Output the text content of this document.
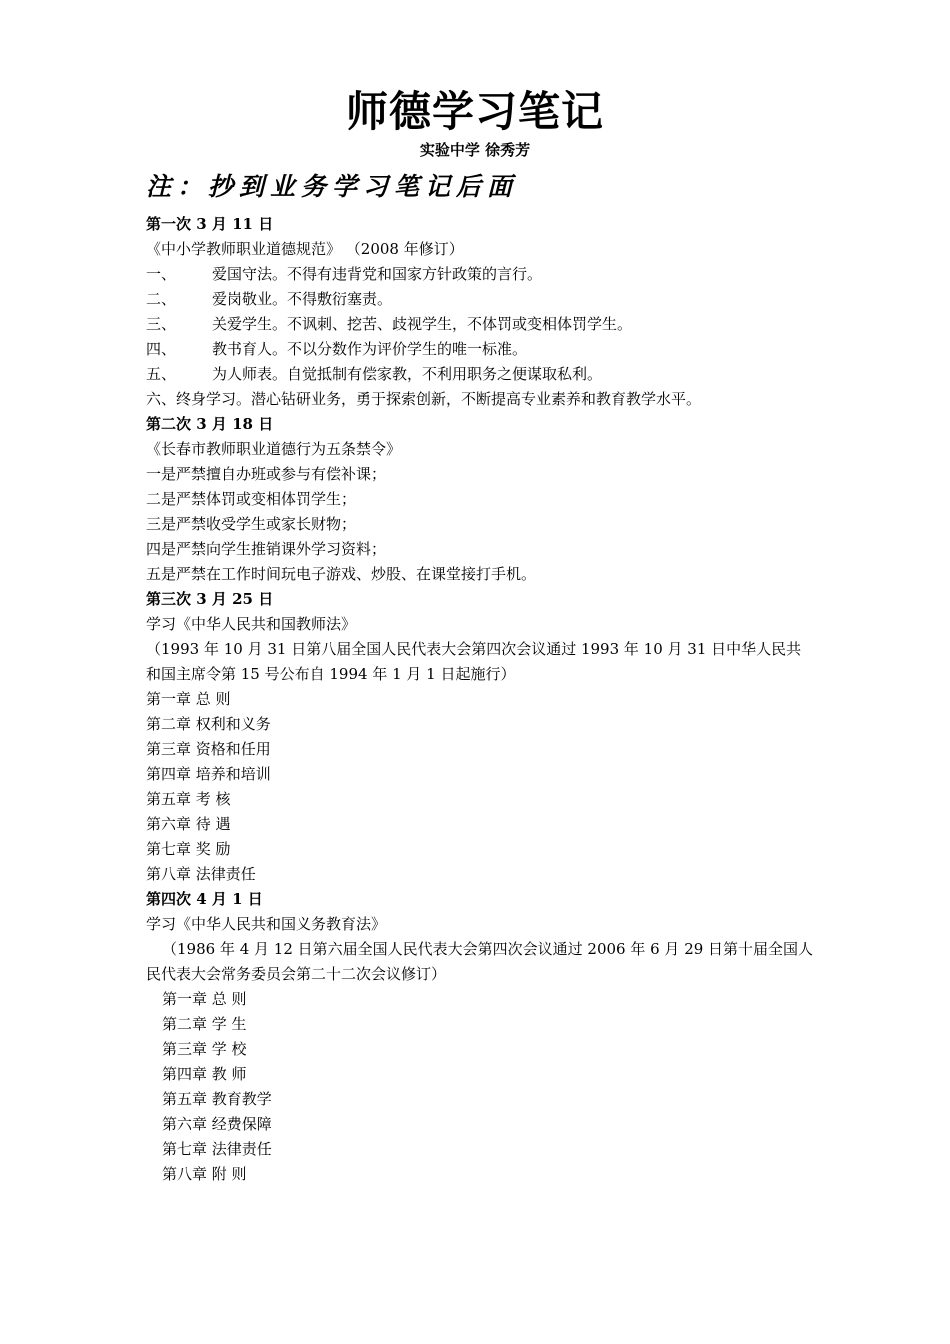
师德学习笔记
实验中学 徐秀芳
注：抄到业务学习笔记后面
第一次 3 月 11 日
《中小学教师职业道德规范》 （2008 年修订）
一、 爱国守法。不得有违背党和国家方针政策的言行。
二、 爱岗敬业。不得敷衍塞责。
三、 关爱学生。不讽刺、挖苦、歧视学生，不体罚或变相体罚学生。
四、 教书育人。不以分数作为评价学生的唯一标准。
五、 为人师表。自觉抵制有偿家教，不利用职务之便谋取私利。
六、终身学习。潜心钻研业务，勇于探索创新，不断提高专业素养和教育教学水平。
第二次 3 月 18 日
《长春市教师职业道德行为五条禁令》
一是严禁擅自办班或参与有偿补课；
二是严禁体罚或变相体罚学生；
三是严禁收受学生或家长财物；
四是严禁向学生推销课外学习资料；
五是严禁在工作时间玩电子游戏、炒股、在课堂接打手机。
第三次 3 月 25 日
学习《中华人民共和国教师法》
（1993 年 10 月 31 日第八届全国人民代表大会第四次会议通过 1993 年 10 月 31 日中华人民共和国主席令第 15 号公布自 1994 年 1 月 1 日起施行）
第一章 总 则
第二章 权利和义务
第三章 资格和任用
第四章 培养和培训
第五章 考 核
第六章 待 遇
第七章 奖 励
第八章 法律责任
第四次 4 月 1 日
学习《中华人民共和国义务教育法》
（1986 年 4 月 12 日第六届全国人民代表大会第四次会议通过 2006 年 6 月 29 日第十届全国人民代表大会常务委员会第二十二次会议修订）
第一章 总 则
第二章 学 生
第三章 学 校
第四章 教 师
第五章 教育教学
第六章 经费保障
第七章 法律责任
第八章 附 则
